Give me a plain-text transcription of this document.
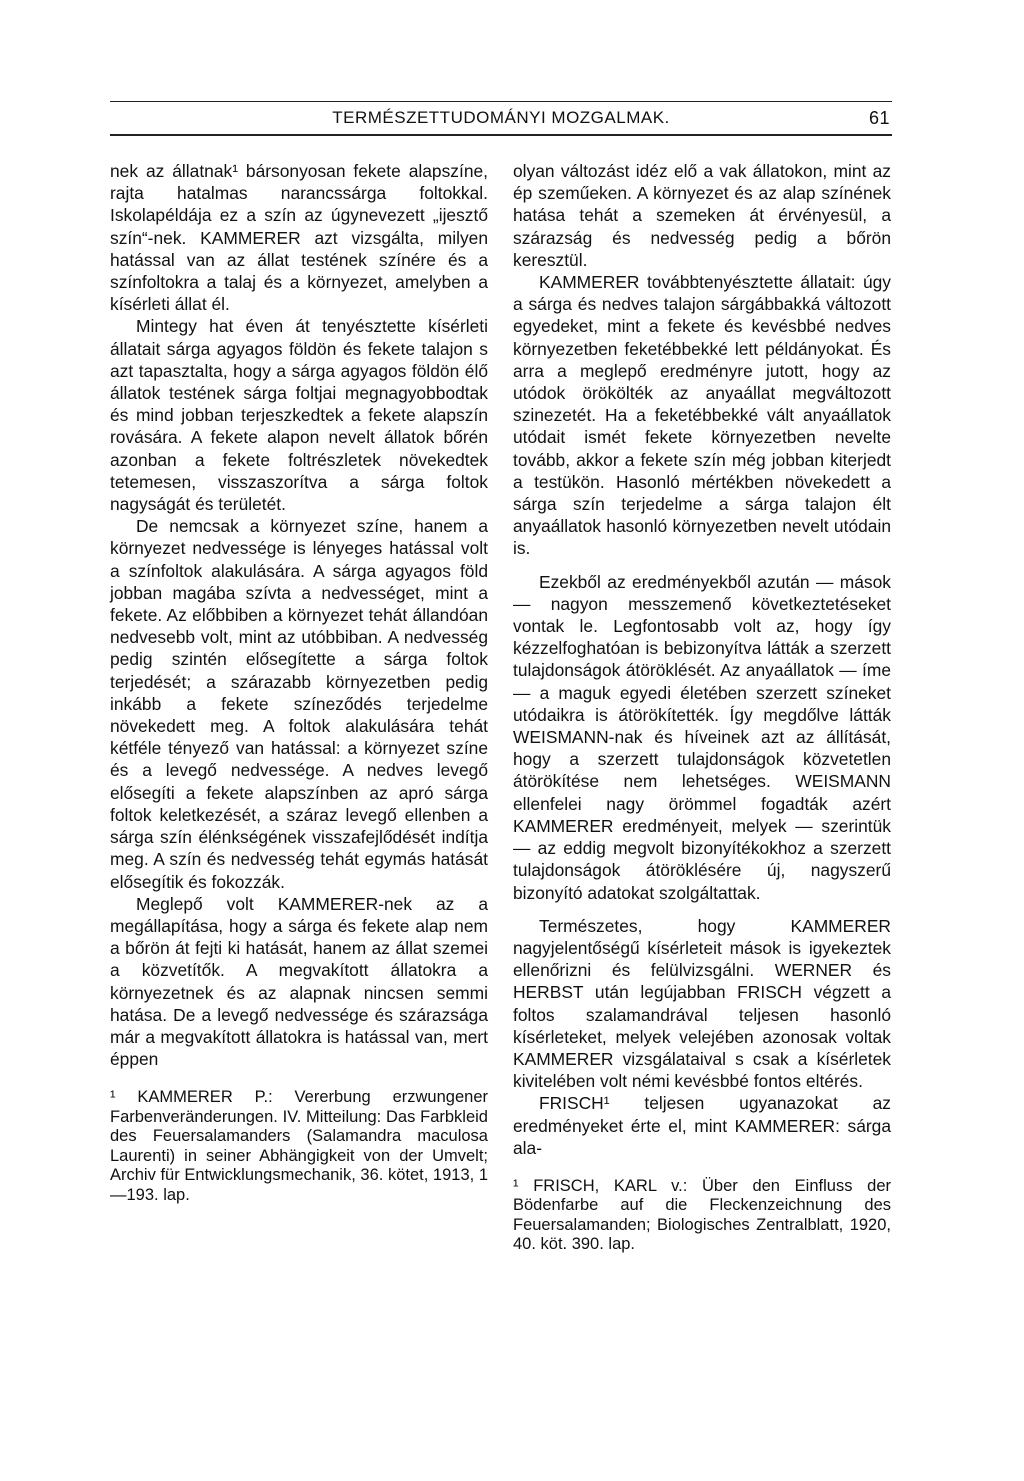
TERMÉSZETTUDOMÁNYI MOZGALMAK.	61

nek az állatnak¹ bársonyosan fekete alapszíne, rajta hatalmas narancssárga foltokkal. Iskolapéldája ez a szín az úgynevezett „ijesztő szín“-nek. KAMMERER azt vizsgálta, milyen hatással van az állat testének színére és a színfoltokra a talaj és a környezet, amelyben a kísérleti állat él.

Mintegy hat éven át tenyésztette kísérleti állatait sárga agyagos földön és fekete talajon s azt tapasztalta, hogy a sárga agyagos földön élő állatok testének sárga foltjai megnagyobbodtak és mind jobban terjeszkedtek a fekete alapszín rovására. A fekete alapon nevelt állatok bőrén azonban a fekete foltrészletek növekedtek tetemesen, visszaszorítva a sárga foltok nagyságát és területét.

De nemcsak a környezet színe, hanem a környezet nedvessége is lényeges hatással volt a színfoltok alakulására. A sárga agyagos föld jobban magába szívta a nedvességet, mint a fekete. Az előbbiben a környezet tehát állandóan nedvesebb volt, mint az utóbbiban. A nedvesség pedig szintén elősegítette a sárga foltok terjedését; a szárazabb környezetben pedig inkább a fekete színeződés terjedelme növekedett meg. A foltok alakulására tehát kétféle tényező van hatással: a környezet színe és a levegő nedvessége. A nedves levegő elősegíti a fekete alapszínben az apró sárga foltok keletkezését, a száraz levegő ellenben a sárga szín élénkségének visszafejlődését indítja meg. A szín és nedvesség tehát egymás hatását elősegítik és fokozzák.

Meglepő volt KAMMERER-nek az a megállapítása, hogy a sárga és fekete alap nem a bőrön át fejti ki hatását, hanem az állat szemei a közvetítők. A megvakított állatokra a környezetnek és az alapnak nincsen semmi hatása. De a levegő nedvessége és szárazsága már a megvakított állatokra is hatással van, mert éppen

¹ KAMMERER P.: Vererbung erzwungener Farbenveränderungen. IV. Mitteilung: Das Farbkleid des Feuersalamanders (Salamandra maculosa Laurenti) in seiner Abhängigkeit von der Umvelt; Archiv für Entwicklungsmechanik, 36. kötet, 1913, 1—193. lap.

olyan változást idéz elő a vak állatokon, mint az ép szeműeken. A környezet és az alap színének hatása tehát a szemeken át érvényesül, a szárazság és nedvesség pedig a bőrön keresztül.

KAMMERER továbbtenyésztette állatait: úgy a sárga és nedves talajon sárgábbakká változott egyedeket, mint a fekete és kevésbbé nedves környezetben feketébbekké lett példányokat. És arra a meglepő eredményre jutott, hogy az utódok örökölték az anyaállat megváltozott szinezetét. Ha a feketébbekké vált anyaállatok utódait ismét fekete környezetben nevelte tovább, akkor a fekete szín még jobban kiterjedt a testükön. Hasonló mértékben növekedett a sárga szín terjedelme a sárga talajon élt anyaállatok hasonló környezetben nevelt utódain is.

Ezekből az eredményekből azután — mások — nagyon messzemenő következtetéseket vontak le. Legfontosabb volt az, hogy így kézzelfoghatóan is bebizonyítva látták a szerzett tulajdonságok átöröklését. Az anyaállatok — íme — a maguk egyedi életében szerzett színeket utódaikra is átörökítették. Így megdőlve látták WEISMANN-nak és híveinek azt az állítását, hogy a szerzett tulajdonságok közvetetlen átörökítése nem lehetséges. WEISMANN ellenfelei nagy örömmel fogadták azért KAMMERER eredményeit, melyek — szerintük — az eddig megvolt bizonyítékokhoz a szerzett tulajdonságok átöröklésére új, nagyszerű bizonyító adatokat szolgáltattak.

Természetes, hogy KAMMERER nagyjelentőségű kísérleteit mások is igyekeztek ellenőrizni és felülvizsgálni. WERNER és HERBST után legújabban FRISCH végzett a foltos szalamandrával teljesen hasonló kísérleteket, melyek velejében azonosak voltak KAMMERER vizsgálataival s csak a kísérletek kivitelében volt némi kevésbbé fontos eltérés.

FRISCH¹ teljesen ugyanazokat az eredményeket érte el, mint KAMMERER: sárga ala-

¹ FRISCH, KARL v.: Über den Einfluss der Bödenfarbe auf die Fleckenzeichnung des Feuersalamanden; Biologisches Zentralblatt, 1920, 40. köt. 390. lap.
